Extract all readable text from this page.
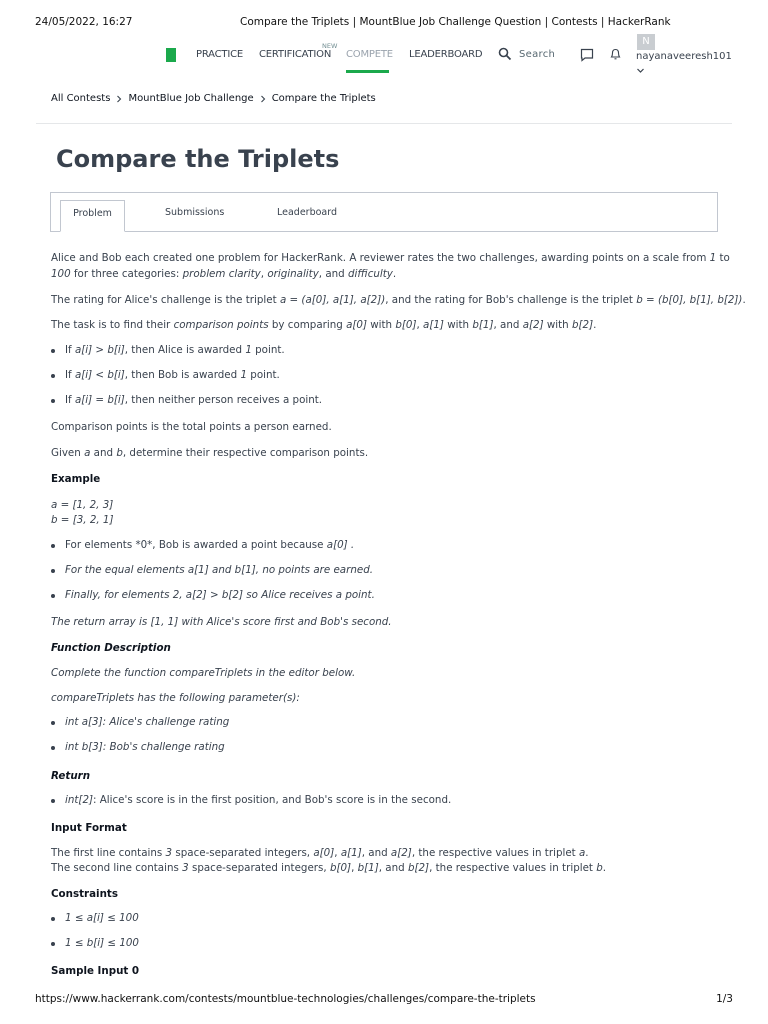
24/05/2022, 16:27	Compare the Triplets | MountBlue Job Challenge Question | Contests | HackerRank
PRACTICE CERTIFICATION
NEW
COMPETE LEADERBOARD	Search
N
nayanaveeresh101
All Contests MountBlue Job Challenge Compare the Triplets
Compare the Triplets
Problem	Submissions	Leaderboard
Alice and Bob each created one problem for HackerRank. A reviewer rates the two challenges, awarding points on a scale from 1 to
100 for three categories: problem clarity, originality, and difficulty.
The rating for Alice's challenge is the triplet a = (a[0], a[1], a[2]), and the rating for Bob's challenge is the triplet b = (b[0], b[1], b[2]).
The task is to find their comparison points by comparing a[0] with b[0], a[1] with b[1], and a[2] with b[2].
If a[i] > b[i], then Alice is awarded 1 point.
If a[i] < b[i], then Bob is awarded 1 point.
If a[i] = b[i], then neither person receives a point.
Comparison points is the total points a person earned.
Given a and b, determine their respective comparison points.
Example
a = [1, 2, 3]
b = [3, 2, 1]
For elements *0*, Bob is awarded a point because a[0] .
For the equal elements a[1] and b[1], no points are earned.
Finally, for elements 2, a[2] > b[2] so Alice receives a point.
The return array is [1, 1] with Alice's score first and Bob's second.
Function Description
Complete the function compareTriplets in the editor below.
compareTriplets has the following parameter(s):
int a[3]: Alice's challenge rating
int b[3]: Bob's challenge rating
Return
int[2]: Alice's score is in the first position, and Bob's score is in the second.
Input Format
The first line contains 3 space-separated integers, a[0], a[1], and a[2], the respective values in triplet a.
The second line contains 3 space-separated integers, b[0], b[1], and b[2], the respective values in triplet b.
Constraints
1 ≤ a[i] ≤ 100
1 ≤ b[i] ≤ 100
Sample Input 0
https://www.hackerrank.com/contests/mountblue-technologies/challenges/compare-the-triplets	1/3
